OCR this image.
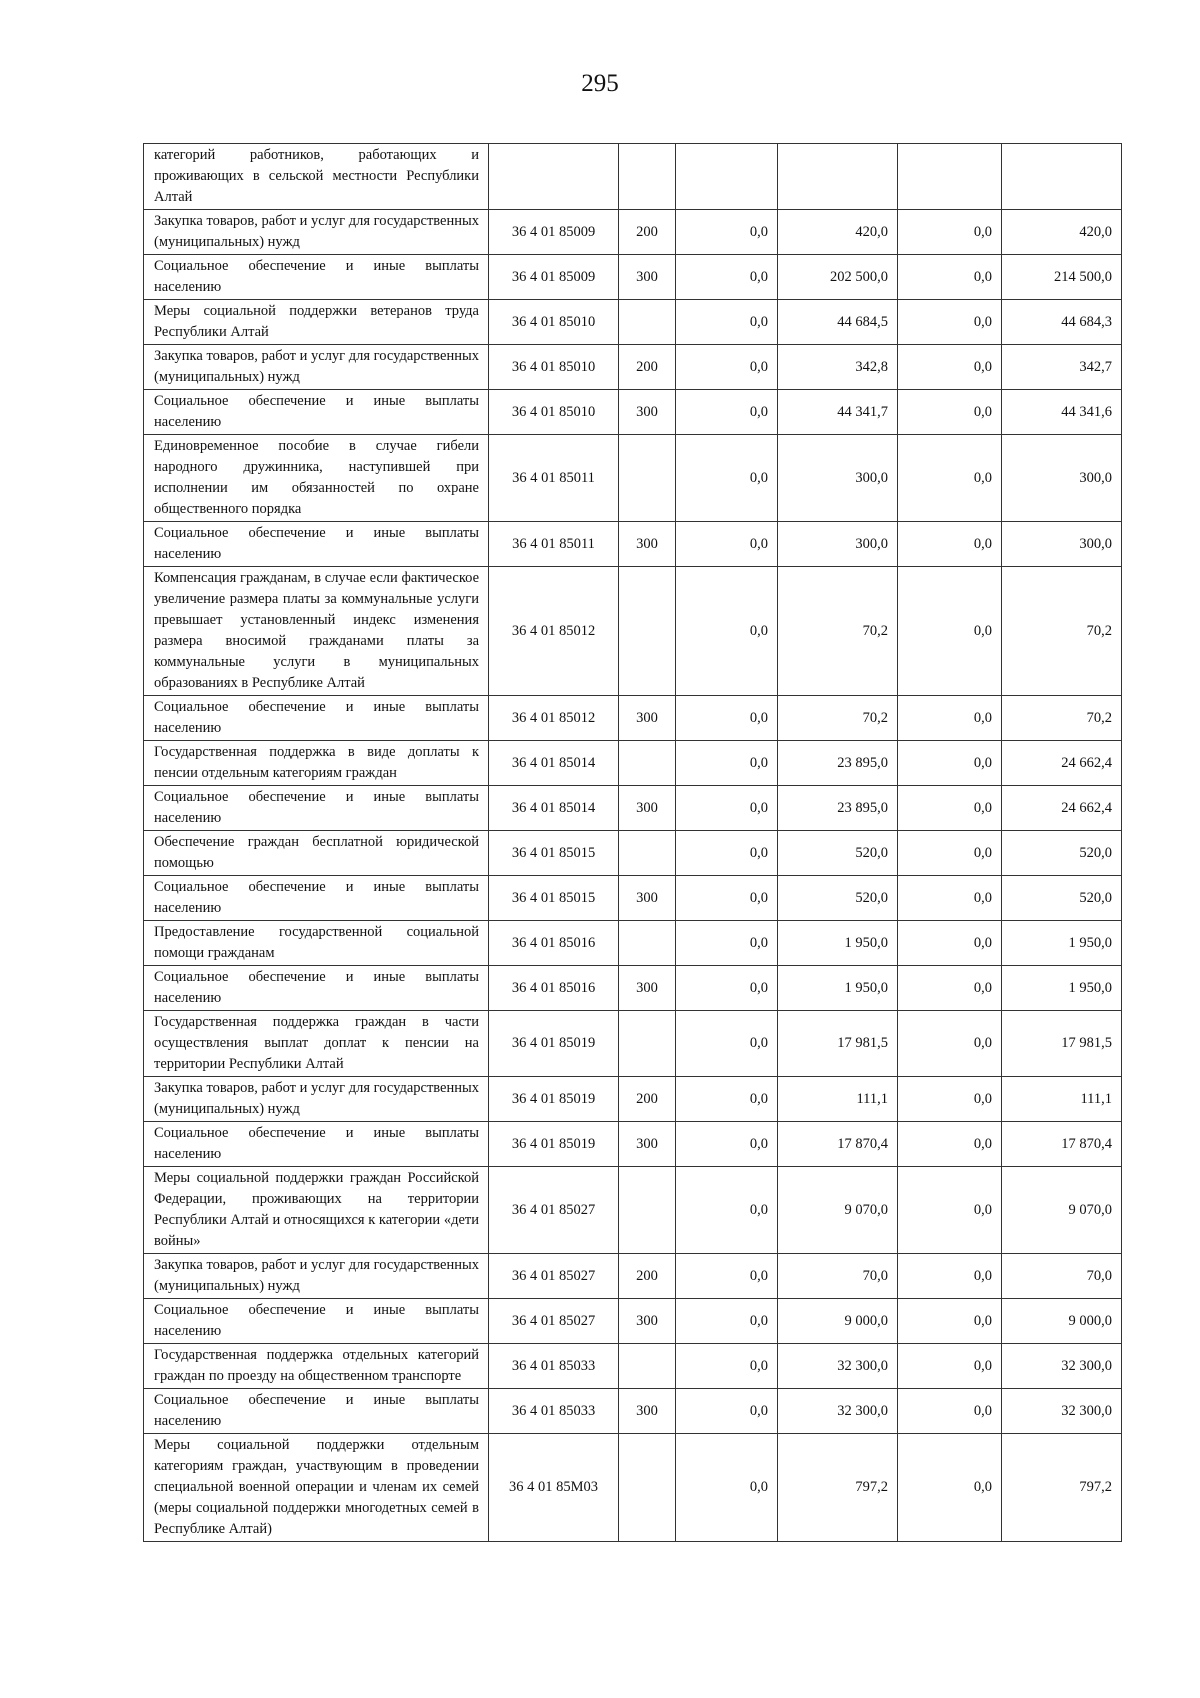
295
категорий работников, работающих и проживающих в сельской местности Республики Алтай						
Закупка товаров, работ и услуг для государственных (муниципальных) нужд	36 4 01 85009	200	0,0	420,0	0,0	420,0
Социальное обеспечение и иные выплаты населению	36 4 01 85009	300	0,0	202 500,0	0,0	214 500,0
Меры социальной поддержки ветеранов труда Республики Алтай	36 4 01 85010		0,0	44 684,5	0,0	44 684,3
Закупка товаров, работ и услуг для государственных (муниципальных) нужд	36 4 01 85010	200	0,0	342,8	0,0	342,7
Социальное обеспечение и иные выплаты населению	36 4 01 85010	300	0,0	44 341,7	0,0	44 341,6
Единовременное пособие в случае гибели народного дружинника, наступившей при исполнении им обязанностей по охране общественного порядка	36 4 01 85011		0,0	300,0	0,0	300,0
Социальное обеспечение и иные выплаты населению	36 4 01 85011	300	0,0	300,0	0,0	300,0
Компенсация гражданам, в случае если фактическое увеличение размера платы за коммунальные услуги превышает установленный индекс изменения размера вносимой гражданами платы за коммунальные услуги в муниципальных образованиях в Республике Алтай	36 4 01 85012		0,0	70,2	0,0	70,2
Социальное обеспечение и иные выплаты населению	36 4 01 85012	300	0,0	70,2	0,0	70,2
Государственная поддержка в виде доплаты к пенсии отдельным категориям граждан	36 4 01 85014		0,0	23 895,0	0,0	24 662,4
Социальное обеспечение и иные выплаты населению	36 4 01 85014	300	0,0	23 895,0	0,0	24 662,4
Обеспечение граждан бесплатной юридической помощью	36 4 01 85015		0,0	520,0	0,0	520,0
Социальное обеспечение и иные выплаты населению	36 4 01 85015	300	0,0	520,0	0,0	520,0
Предоставление государственной социальной помощи гражданам	36 4 01 85016		0,0	1 950,0	0,0	1 950,0
Социальное обеспечение и иные выплаты населению	36 4 01 85016	300	0,0	1 950,0	0,0	1 950,0
Государственная поддержка граждан в части осуществления выплат доплат к пенсии на территории Республики Алтай	36 4 01 85019		0,0	17 981,5	0,0	17 981,5
Закупка товаров, работ и услуг для государственных (муниципальных) нужд	36 4 01 85019	200	0,0	111,1	0,0	111,1
Социальное обеспечение и иные выплаты населению	36 4 01 85019	300	0,0	17 870,4	0,0	17 870,4
Меры социальной поддержки граждан Российской Федерации, проживающих на территории Республики Алтай и относящихся к категории «дети войны»	36 4 01 85027		0,0	9 070,0	0,0	9 070,0
Закупка товаров, работ и услуг для государственных (муниципальных) нужд	36 4 01 85027	200	0,0	70,0	0,0	70,0
Социальное обеспечение и иные выплаты населению	36 4 01 85027	300	0,0	9 000,0	0,0	9 000,0
Государственная поддержка отдельных категорий граждан по проезду на общественном транспорте	36 4 01 85033		0,0	32 300,0	0,0	32 300,0
Социальное обеспечение и иные выплаты населению	36 4 01 85033	300	0,0	32 300,0	0,0	32 300,0
Меры социальной поддержки отдельным категориям граждан, участвующим в проведении специальной военной операции и членам их семей (меры социальной поддержки многодетных семей в Республике Алтай)	36 4 01 85М03		0,0	797,2	0,0	797,2
